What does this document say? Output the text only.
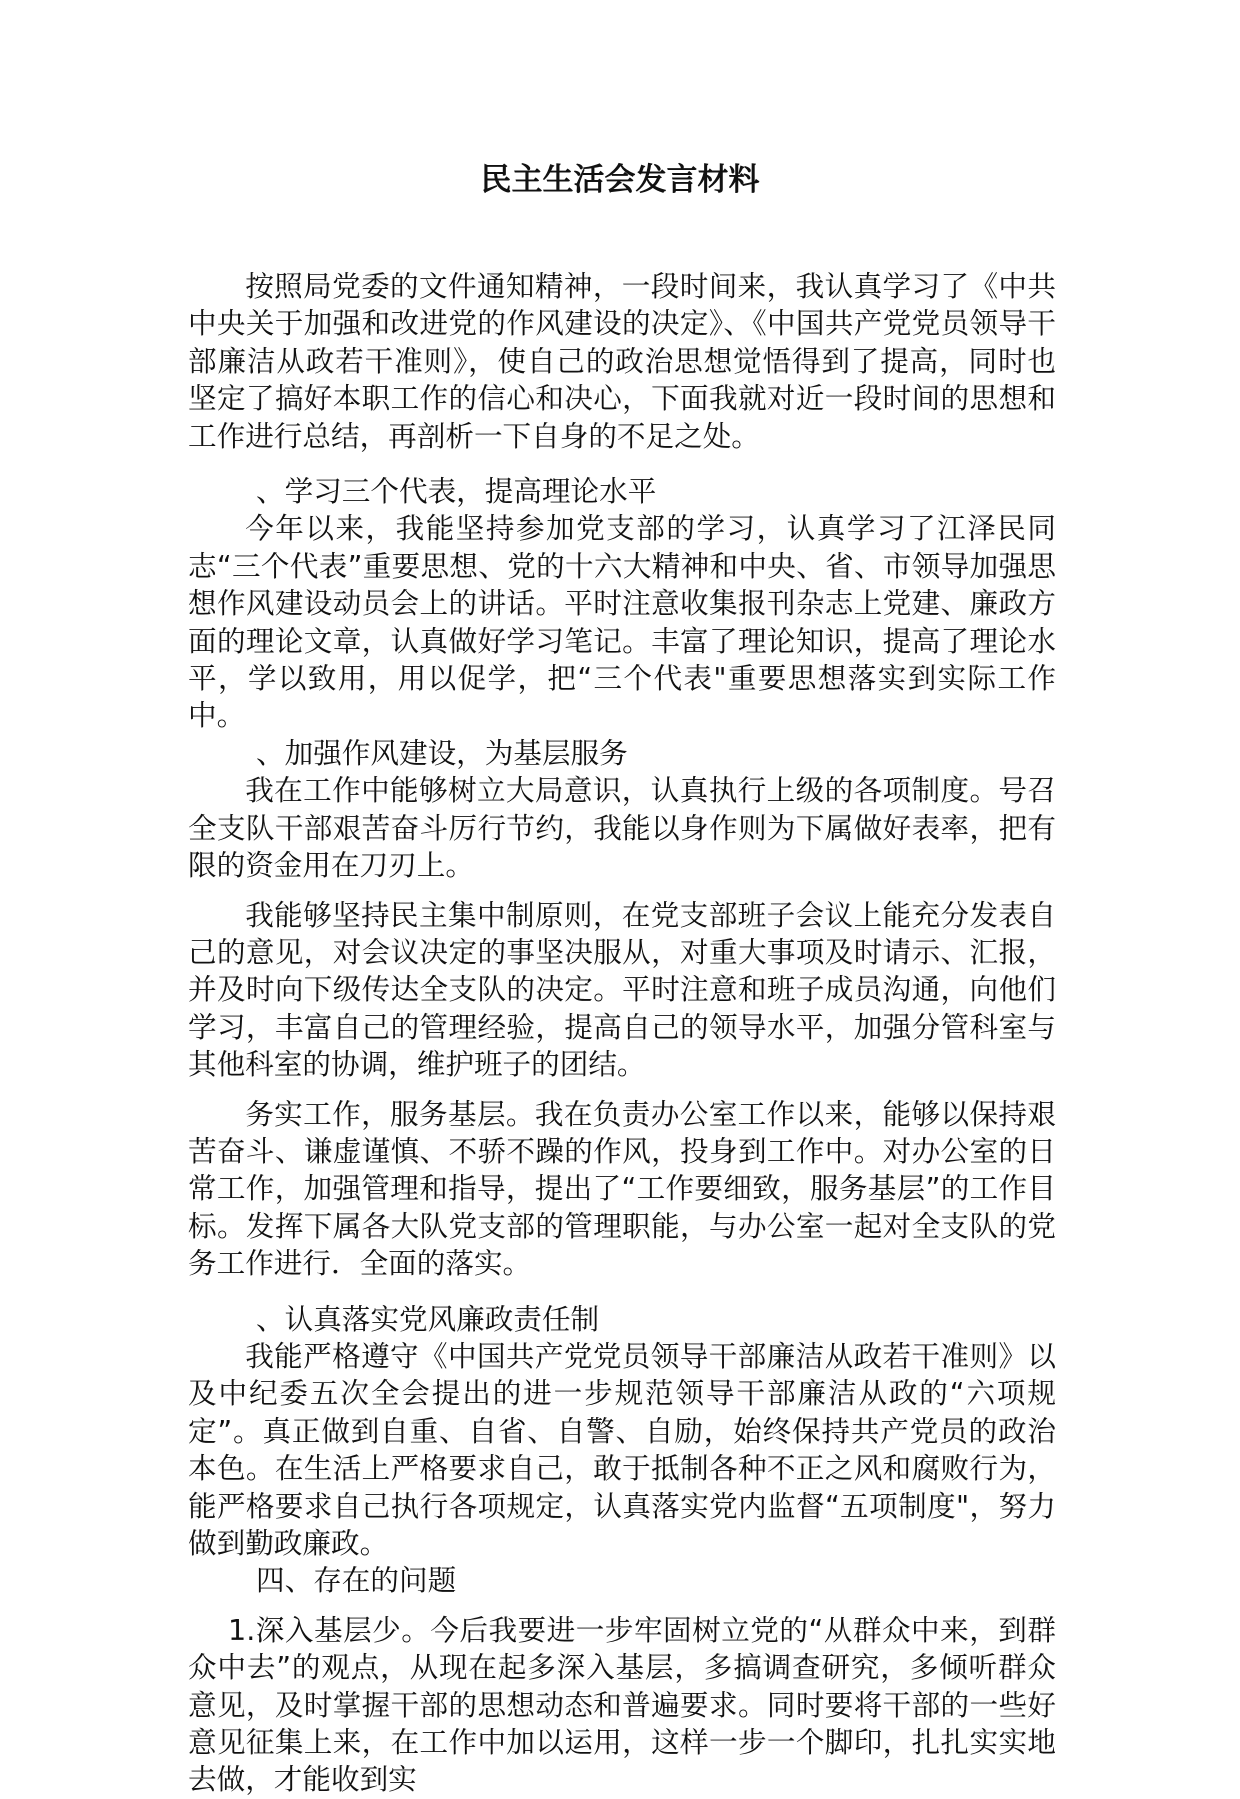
民主生活会发言材料

按照局党委的文件通知精神，一段时间来，我认真学习了《中共中央关于加强和改进党的作风建设的决定》、《中国共产党党员领导干部廉洁从政若干准则》，使自己的政治思想觉悟得到了提高，同时也坚定了搞好本职工作的信心和决心，下面我就对近一段时间的思想和工作进行总结，再剖析一下自身的不足之处。

、学习三个代表，提高理论水平

今年以来，我能坚持参加党支部的学习，认真学习了江泽民同志“三个代表”重要思想、党的十六大精神和中央、省、市领导加强思想作风建设动员会上的讲话。平时注意收集报刊杂志上党建、廉政方面的理论文章，认真做好学习笔记。丰富了理论知识，提高了理论水平，学以致用，用以促学，把“三个代表"重要思想落实到实际工作中。

、加强作风建设，为基层服务

我在工作中能够树立大局意识，认真执行上级的各项制度。号召全支队干部艰苦奋斗厉行节约，我能以身作则为下属做好表率，把有限的资金用在刀刃上。

我能够坚持民主集中制原则，在党支部班子会议上能充分发表自己的意见，对会议决定的事坚决服从，对重大事项及时请示、汇报，并及时向下级传达全支队的决定。平时注意和班子成员沟通，向他们学习，丰富自己的管理经验，提高自己的领导水平，加强分管科室与其他科室的协调，维护班子的团结。

务实工作，服务基层。我在负责办公室工作以来，能够以保持艰苦奋斗、谦虚谨慎、不骄不躁的作风，投身到工作中。对办公室的日常工作，加强管理和指导，提出了“工作要细致，服务基层”的工作目标。发挥下属各大队党支部的管理职能，与办公室一起对全支队的党务工作进行．全面的落实。

、认真落实党风廉政责任制

我能严格遵守《中国共产党党员领导干部廉洁从政若干准则》以及中纪委五次全会提出的进一步规范领导干部廉洁从政的“六项规定”。真正做到自重、自省、自警、自励，始终保持共产党员的政治本色。在生活上严格要求自己，敢于抵制各种不正之风和腐败行为，能严格要求自己执行各项规定，认真落实党内监督“五项制度"，努力做到勤政廉政。

四、存在的问题

1.深入基层少。今后我要进一步牢固树立党的“从群众中来，到群众中去”的观点，从现在起多深入基层，多搞调查研究，多倾听群众意见，及时掌握干部的思想动态和普遍要求。同时要将干部的一些好意见征集上来，在工作中加以运用，这样一步一个脚印，扎扎实实地去做，才能收到实
